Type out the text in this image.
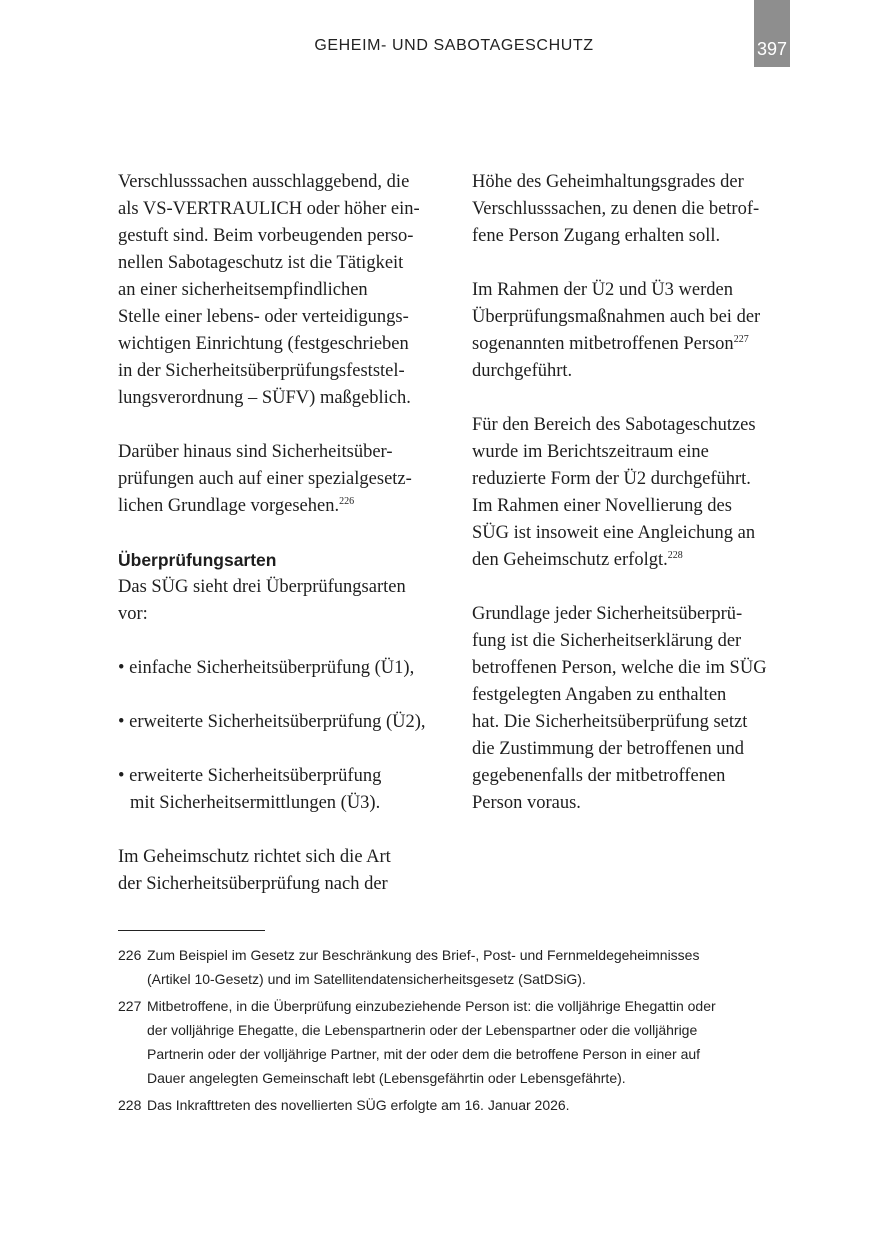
GEHEIM- UND SABOTAGESCHUTZ	397

Verschlusssachen ausschlaggebend, die
als VS-VERTRAULICH oder höher ein-
gestuft sind. Beim vorbeugenden perso-
nellen Sabotageschutz ist die Tätigkeit
an einer sicherheitsempfindlichen
Stelle einer lebens- oder verteidigungs-
wichtigen Einrichtung (festgeschrieben
in der Sicherheitsüberprüfungsfeststel-
lungsverordnung – SÜFV) maßgeblich.

Darüber hinaus sind Sicherheitsüber-
prüfungen auch auf einer spezialgesetz-
lichen Grundlage vorgesehen.$^{226}$

Überprüfungsarten

Das SÜG sieht drei Überprüfungsarten
vor:

• einfache Sicherheitsüberprüfung (Ü1),

• erweiterte Sicherheitsüberprüfung (Ü2),

• erweiterte Sicherheitsüberprüfung
mit Sicherheitsermittlungen (Ü3).

Im Geheimschutz richtet sich die Art
der Sicherheitsüberprüfung nach der

Höhe des Geheimhaltungsgrades der
Verschlusssachen, zu denen die betrof-
fene Person Zugang erhalten soll.

Im Rahmen der Ü2 und Ü3 werden
Überprüfungsmaßnahmen auch bei der
sogenannten mitbetroffenen Person$^{227}$
durchgeführt.

Für den Bereich des Sabotageschutzes
wurde im Berichtszeitraum eine
reduzierte Form der Ü2 durchgeführt.
Im Rahmen einer Novellierung des
SÜG ist insoweit eine Angleichung an
den Geheimschutz erfolgt.$^{228}$

Grundlage jeder Sicherheitsüberprü-
fung ist die Sicherheitserklärung der
betroffenen Person, welche die im SÜG
festgelegten Angaben zu enthalten
hat. Die Sicherheitsüberprüfung setzt
die Zustimmung der betroffenen und
gegebenenfalls der mitbetroffenen
Person voraus.

226 Zum Beispiel im Gesetz zur Beschränkung des Brief-, Post- und Fernmeldegeheimnisses
(Artikel 10-Gesetz) und im Satellitendatensicherheitsgesetz (SatDSiG).
227 Mitbetroffene, in die Überprüfung einzubeziehende Person ist: die volljährige Ehegattin oder
der volljährige Ehegatte, die Lebenspartnerin oder der Lebenspartner oder die volljährige
Partnerin oder der volljährige Partner, mit der oder dem die betroffene Person in einer auf
Dauer angelegten Gemeinschaft lebt (Lebensgefährtin oder Lebensgefährte).
228 Das Inkrafttreten des novellierten SÜG erfolgte am 16. Januar 2026.
